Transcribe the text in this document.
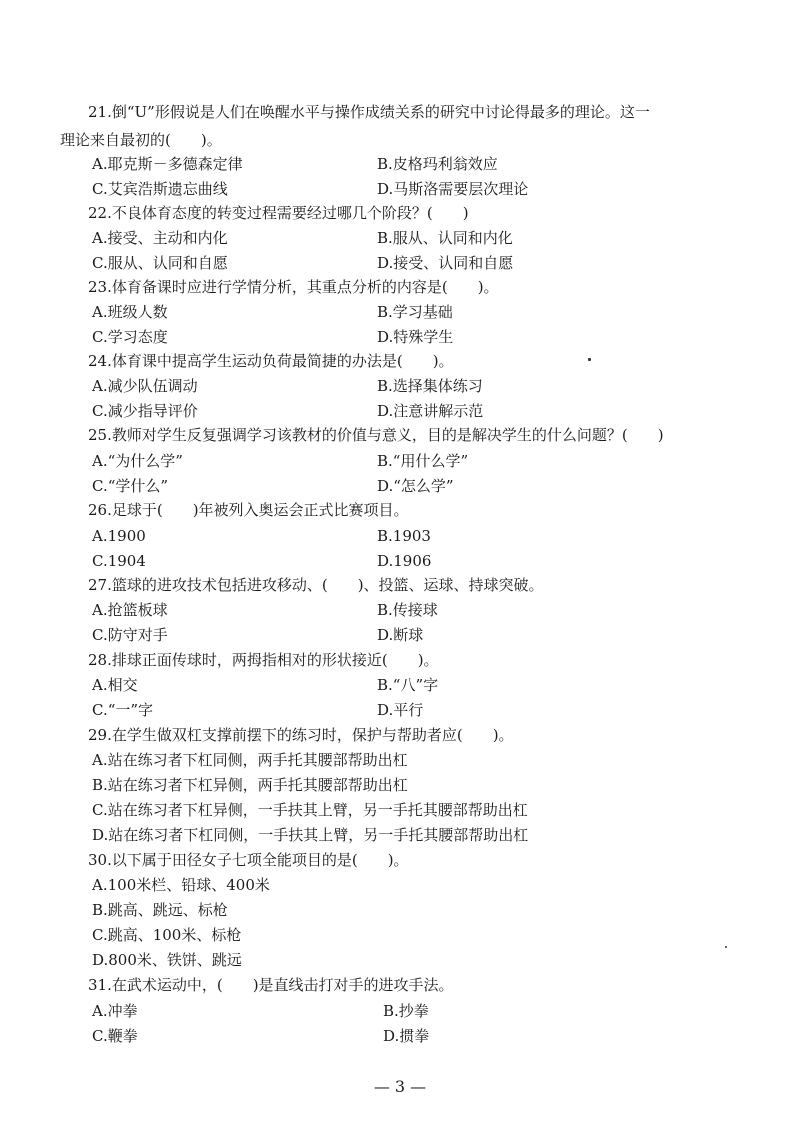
21.倒“U”形假说是人们在唤醒水平与操作成绩关系的研究中讨论得最多的理论。这一
理论来自最初的(　　)。
A.耶克斯－多德森定律	B.皮格玛利翁效应
C.艾宾浩斯遗忘曲线	D.马斯洛需要层次理论
22.不良体育态度的转变过程需要经过哪几个阶段？(　　)
A.接受、主动和内化	B.服从、认同和内化
C.服从、认同和自愿	D.接受、认同和自愿
23.体育备课时应进行学情分析，其重点分析的内容是(　　)。
A.班级人数	B.学习基础
C.学习态度	D.特殊学生
24.体育课中提高学生运动负荷最简捷的办法是(　　)。
A.减少队伍调动	B.选择集体练习
C.减少指导评价	D.注意讲解示范
25.教师对学生反复强调学习该教材的价值与意义，目的是解决学生的什么问题？(　　)
A.“为什么学”	B.“用什么学”
C.“学什么”	D.“怎么学”
26.足球于(　　)年被列入奥运会正式比赛项目。
A.1900	B.1903
C.1904	D.1906
27.篮球的进攻技术包括进攻移动、(　　)、投篮、运球、持球突破。
A.抢篮板球	B.传接球
C.防守对手	D.断球
28.排球正面传球时，两拇指相对的形状接近(　　)。
A.相交	B.“八”字
C.“一”字	D.平行
29.在学生做双杠支撑前摆下的练习时，保护与帮助者应(　　)。
A.站在练习者下杠同侧，两手托其腰部帮助出杠
B.站在练习者下杠异侧，两手托其腰部帮助出杠
C.站在练习者下杠异侧，一手扶其上臂，另一手托其腰部帮助出杠
D.站在练习者下杠同侧，一手扶其上臂，另一手托其腰部帮助出杠
30.以下属于田径女子七项全能项目的是(　　)。
A.100米栏、铅球、400米
B.跳高、跳远、标枪
C.跳高、100米、标枪
D.800米、铁饼、跳远
31.在武术运动中，(　　)是直线击打对手的进攻手法。
A.冲拳	B.抄拳
C.鞭拳	D.掼拳
— 3 —
